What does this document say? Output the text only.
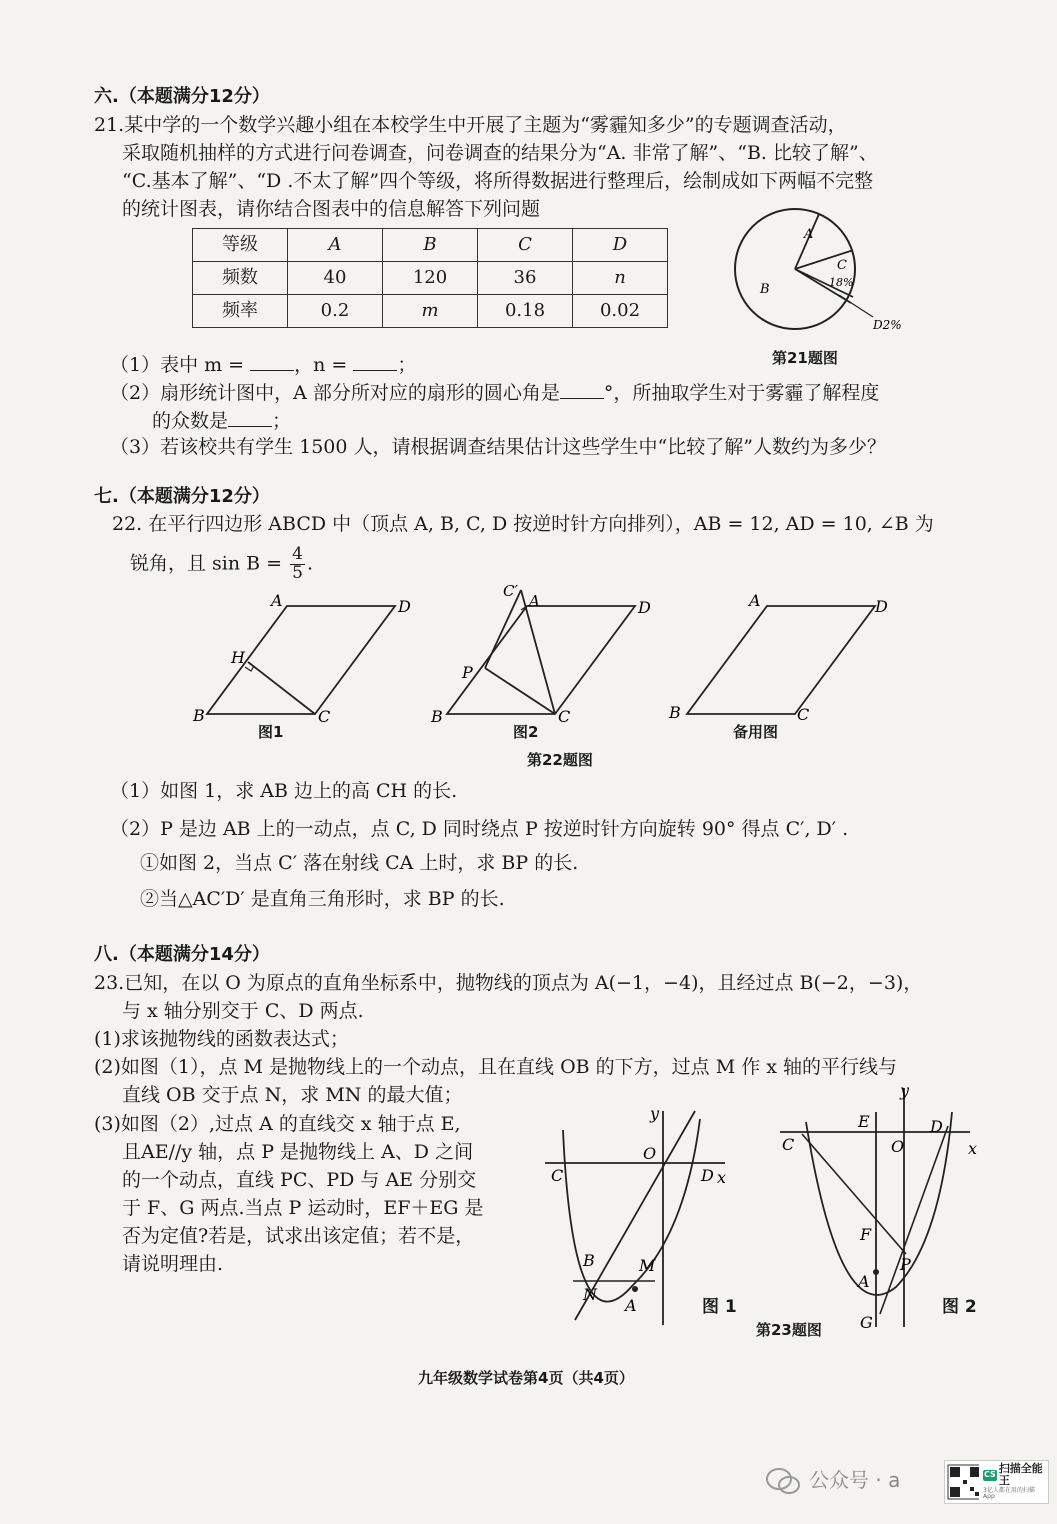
六.（本题满分12分）
21.某中学的一个数学兴趣小组在本校学生中开展了主题为“雾霾知多少”的专题调查活动，
采取随机抽样的方式进行问卷调查，问卷调查的结果分为“A. 非常了解”、“B. 比较了解”、
“C.基本了解”、“D .不太了解”四个等级，将所得数据进行整理后，绘制成如下两幅不完整
的统计图表，请你结合图表中的信息解答下列问题
等级	A	B	C	D
频数	40	120	36	n
频率	0.2	m	0.18	0.02
A
B
C
18%
D2%
第21题图
（1）表中 m = ，n = ；
（2）扇形统计图中，A 部分所对应的扇形的圆心角是 °，所抽取学生对于雾霾了解程度
的众数是 ；
（3）若该校共有学生 1500 人，请根据调查结果估计这些学生中“比较了解”人数约为多少？
七.（本题满分12分）
22. 在平行四边形 ABCD 中（顶点 A, B, C, D 按逆时针方向排列），AB = 12, AD = 10, ∠B 为
锐角，且 $\sin B = \frac{4}{5}$ .
A	D
H
B	C
图1
C′
A	D
P
B	C
图2
A	D
B	C
备用图
第22题图
（1）如图 1，求 AB 边上的高 CH 的长.
（2）P 是边 AB 上的一动点，点 C, D 同时绕点 P 按逆时针方向旋转 90° 得点 C′, D′ .
①如图 2，当点 C′ 落在射线 CA 上时，求 BP 的长.
②当△AC′D′ 是直角三角形时，求 BP 的长.
八.（本题满分14分）
23.已知，在以 O 为原点的直角坐标系中，抛物线的顶点为 A(−1，−4)，且经过点 B(−2，−3)，
与 x 轴分别交于 C、D 两点.
(1)求该抛物线的函数表达式；
(2)如图（1），点 M 是抛物线上的一个动点，且在直线 OB 的下方，过点 M 作 x 轴的平行线与
直线 OB 交于点 N，求 MN 的最大值；
(3)如图（2）,过点 A 的直线交 x 轴于点 E,
且AE//y 轴，点 P 是抛物线上 A、D 之间
的一个动点，直线 PC、PD 与 AE 分别交
于 F、G 两点.当点 P 运动时，EF＋EG 是
否为定值?若是，试求出该定值；若不是，
请说明理由.
y
O
C	D x
B	M
N
A	图 1
y
E
C	O
D
x
F
A
P
G
图 2
第23题图
九年级数学试卷第4页（共4页）
公众号 · a	CS 扫描全能王
3亿人都在用的扫描App
